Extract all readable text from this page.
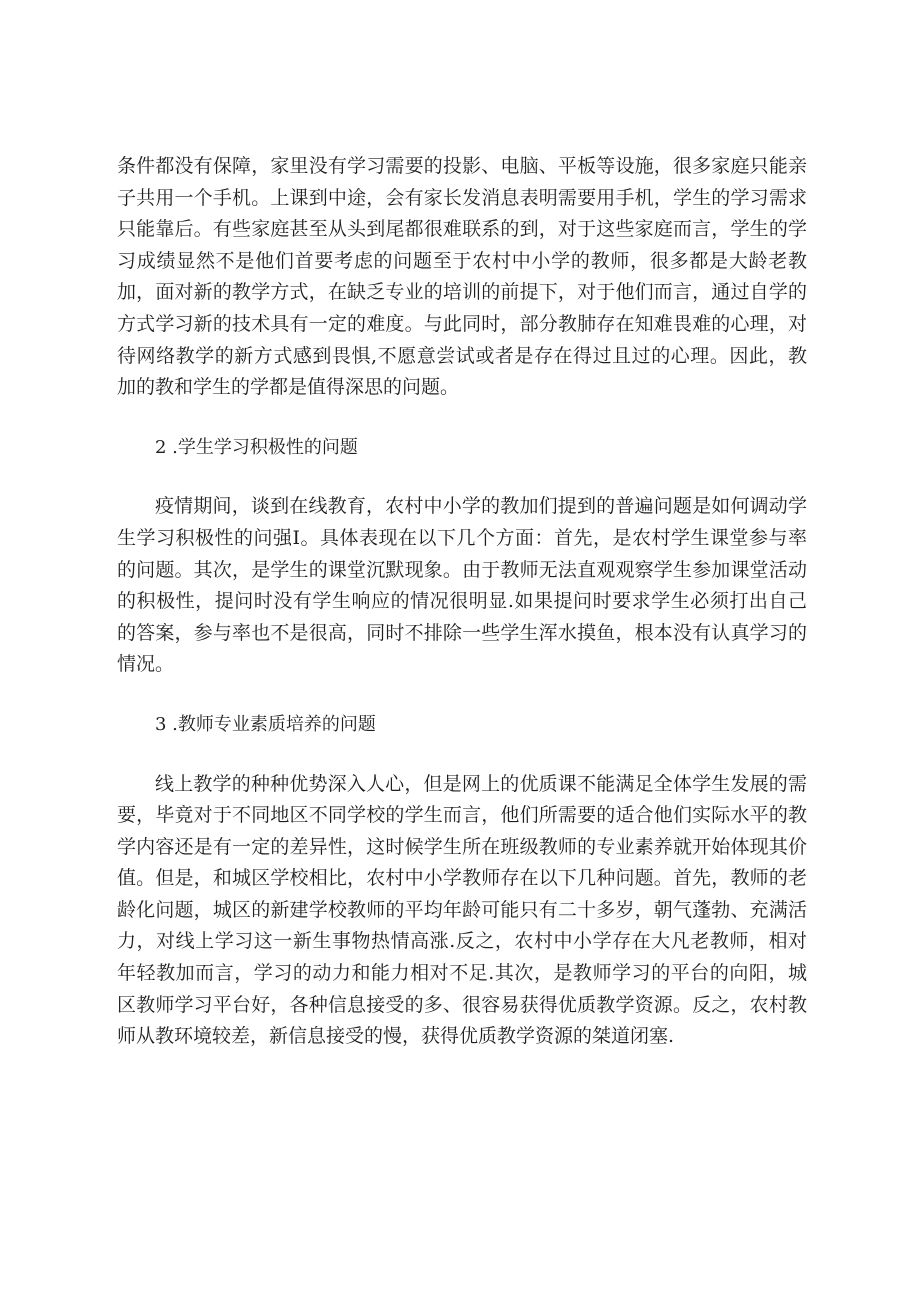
条件都没有保障，家里没有学习需要的投影、电脑、平板等设施，很多家庭只能亲子共用一个手机。上课到中途，会有家长发消息表明需要用手机，学生的学习需求只能靠后。有些家庭甚至从头到尾都很难联系的到，对于这些家庭而言，学生的学习成绩显然不是他们首要考虑的问题至于农村中小学的教师，很多都是大龄老教加，面对新的教学方式，在缺乏专业的培训的前提下，对于他们而言，通过自学的方式学习新的技术具有一定的难度。与此同时，部分教肺存在知难畏难的心理，对待网络教学的新方式感到畏惧,不愿意尝试或者是存在得过且过的心理。因此，教加的教和学生的学都是值得深思的问题。

2 .学生学习积极性的问题

疫情期间，谈到在线教育，农村中小学的教加们提到的普遍问题是如何调动学生学习积极性的问强I。具体表现在以下几个方面：首先，是农村学生课堂参与率的问题。其次，是学生的课堂沉默现象。由于教师无法直观观察学生参加课堂活动的积极性，提问时没有学生响应的情况很明显.如果提问时要求学生必须打出自己的答案，参与率也不是很高，同时不排除一些学生浑水摸鱼，根本没有认真学习的情况。

3 .教师专业素质培养的问题

线上教学的种种优势深入人心，但是网上的优质课不能满足全体学生发展的需要，毕竟对于不同地区不同学校的学生而言，他们所需要的适合他们实际水平的教学内容还是有一定的差异性，这时候学生所在班级教师的专业素养就开始体现其价值。但是，和城区学校相比，农村中小学教师存在以下几种问题。首先，教师的老龄化问题，城区的新建学校教师的平均年龄可能只有二十多岁，朝气蓬勃、充满活力，对线上学习这一新生事物热情高涨.反之，农村中小学存在大凡老教师，相对年轻教加而言，学习的动力和能力相对不足.其次，是教师学习的平台的向阳，城区教师学习平台好，各种信息接受的多、很容易获得优质教学资源。反之，农村教师从教环境较差，新信息接受的慢，获得优质教学资源的桀道闭塞.
